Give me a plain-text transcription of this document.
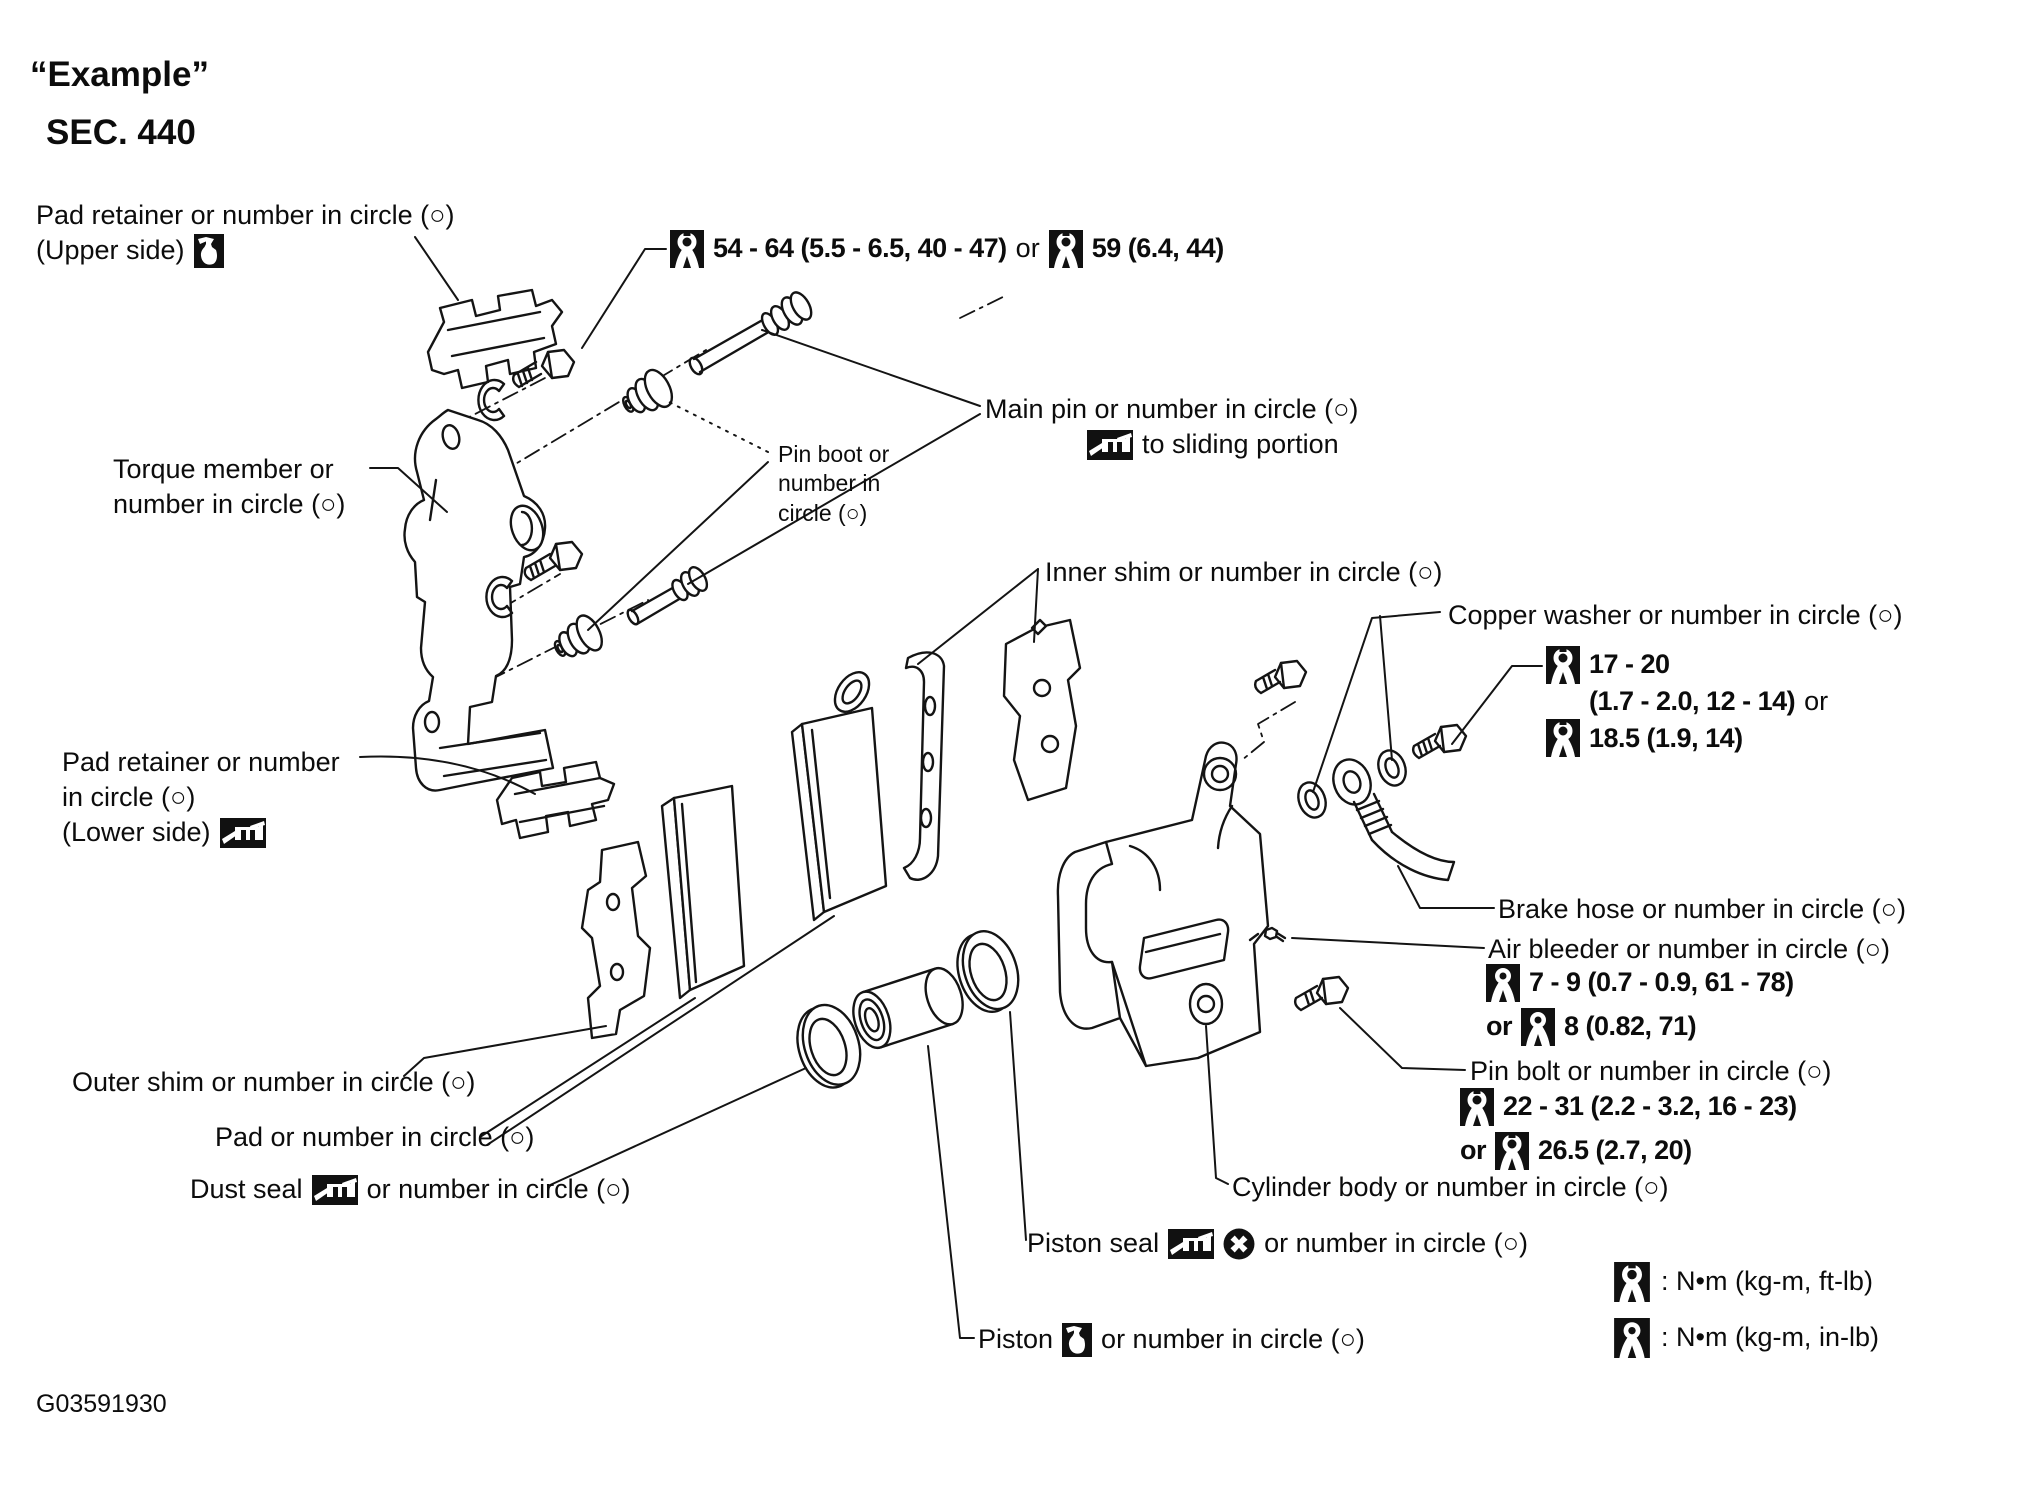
“Example”
SEC. 440
Pad retainer or number in circle (○)
(Upper side)	54 - 64 (5.5 - 6.5, 40 - 47) or 59 (6.4, 44)
Torque member or
number in circle (○)
Pin boot or
number in
circle (○)
Main pin or number in circle (○)
to sliding portion
Inner shim or number in circle (○)
Copper washer or number in circle (○)
17 - 20
(1.7 - 2.0, 12 - 14) or
18.5 (1.9, 14)
Pad retainer or number
in circle (○)
(Lower side)
Outer shim or number in circle (○)
Pad or number in circle (○)
Dust seal or number in circle (○)
Brake hose or number in circle (○)
Air bleeder or number in circle (○)
7 - 9 (0.7 - 0.9, 61 - 78)
or 8 (0.82, 71)
Pin bolt or number in circle (○)
22 - 31 (2.2 - 3.2, 16 - 23)
or 26.5 (2.7, 20)
Cylinder body or number in circle (○)
Piston seal	or number in circle (○)
Piston or number in circle (○)
: N•m (kg-m, ft-lb)
: N•m (kg-m, in-lb)
G03591930
